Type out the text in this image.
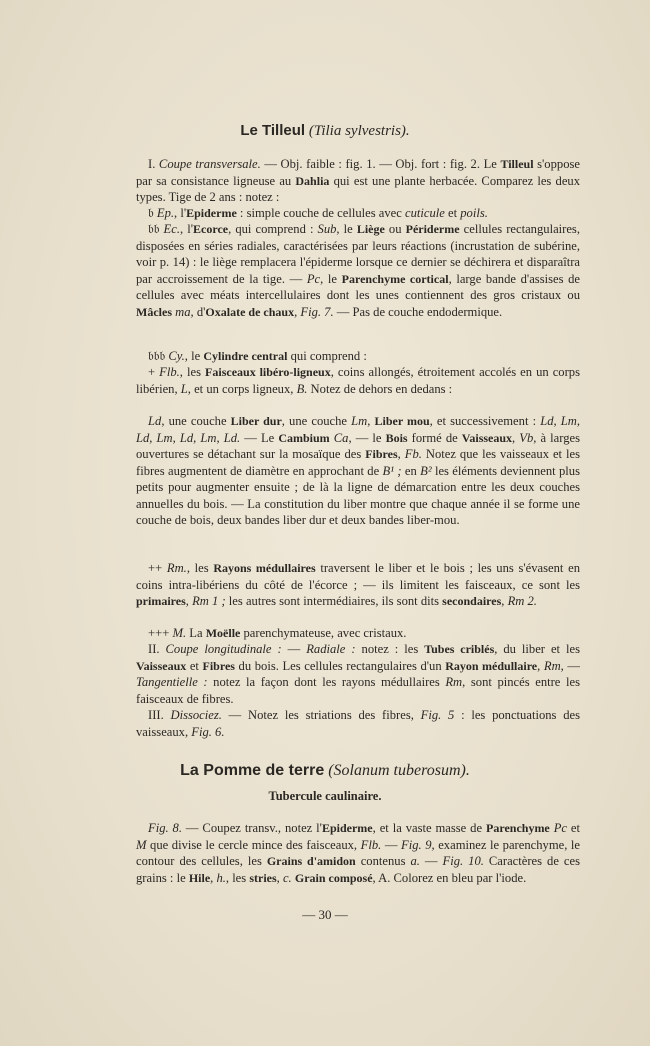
Le Tilleul (Tilia sylvestris).

I. Coupe transversale. — Obj. faible : fig. 1. — Obj. fort : fig. 2. Le Tilleul s'oppose par sa consistance ligneuse au Dahlia qui est une plante herbacée. Comparez les deux types. Tige de 2 ans : notez :

𝔟 Ep., l'Epiderme : simple couche de cellules avec cuticule et poils.

𝔟𝔟 Ec., l'Ecorce, qui comprend : Sub, le Liège ou Périderme cellules rectangulaires, disposées en séries radiales, caractérisées par leurs réactions (incrustation de subérine, voir p. 14) : le liège remplacera l'épiderme lorsque ce dernier se déchirera et disparaîtra par accroissement de la tige. — Pc, le Parenchyme cortical, large bande d'assises de cellules avec méats intercellulaires dont les unes contiennent des gros cristaux ou Mâcles ma, d'Oxalate de chaux, Fig. 7. — Pas de couche endodermique.

𝔟𝔟𝔟 Cy., le Cylindre central qui comprend :

+ Flb., les Faisceaux libéro-ligneux, coins allongés, étroitement accolés en un corps libérien, L, et un corps ligneux, B. Notez de dehors en dedans :

Ld, une couche Liber dur, une couche Lm, Liber mou, et successivement : Ld, Lm, Ld, Lm, Ld, Lm, Ld. — Le Cambium Ca, — le Bois formé de Vaisseaux, Vb, à larges ouvertures se détachant sur la mosaïque des Fibres, Fb. Notez que les vaisseaux et les fibres augmentent de diamètre en approchant de B¹ ; en B² les éléments deviennent plus petits pour augmenter ensuite ; de là la ligne de démarcation entre les deux couches annuelles du bois. — La constitution du liber montre que chaque année il se forme une couche de bois, deux bandes liber dur et deux bandes liber-mou.

++ Rm., les Rayons médullaires traversent le liber et le bois ; les uns s'évasent en coins intra-libériens du côté de l'écorce ; — ils limitent les faisceaux, ce sont les primaires, Rm 1 ; les autres sont intermédiaires, ils sont dits secondaires, Rm 2.

+++ M. La Moëlle parenchymateuse, avec cristaux.

II. Coupe longitudinale : — Radiale : notez : les Tubes criblés, du liber et les Vaisseaux et Fibres du bois. Les cellules rectangulaires d'un Rayon médullaire, Rm, — Tangentielle : notez la façon dont les rayons médullaires Rm, sont pincés entre les faisceaux de fibres.

III. Dissociez. — Notez les striations des fibres, Fig. 5 : les ponctuations des vaisseaux, Fig. 6.

La Pomme de terre (Solanum tuberosum).
Tubercule caulinaire.

Fig. 8. — Coupez transv., notez l'Epiderme, et la vaste masse de Parenchyme Pc et M que divise le cercle mince des faisceaux, Flb. — Fig. 9, examinez le parenchyme, le contour des cellules, les Grains d'amidon contenus a. — Fig. 10. Caractères de ces grains : le Hile, h., les stries, c. Grain composé, A. Colorez en bleu par l'iode.

— 30 —
